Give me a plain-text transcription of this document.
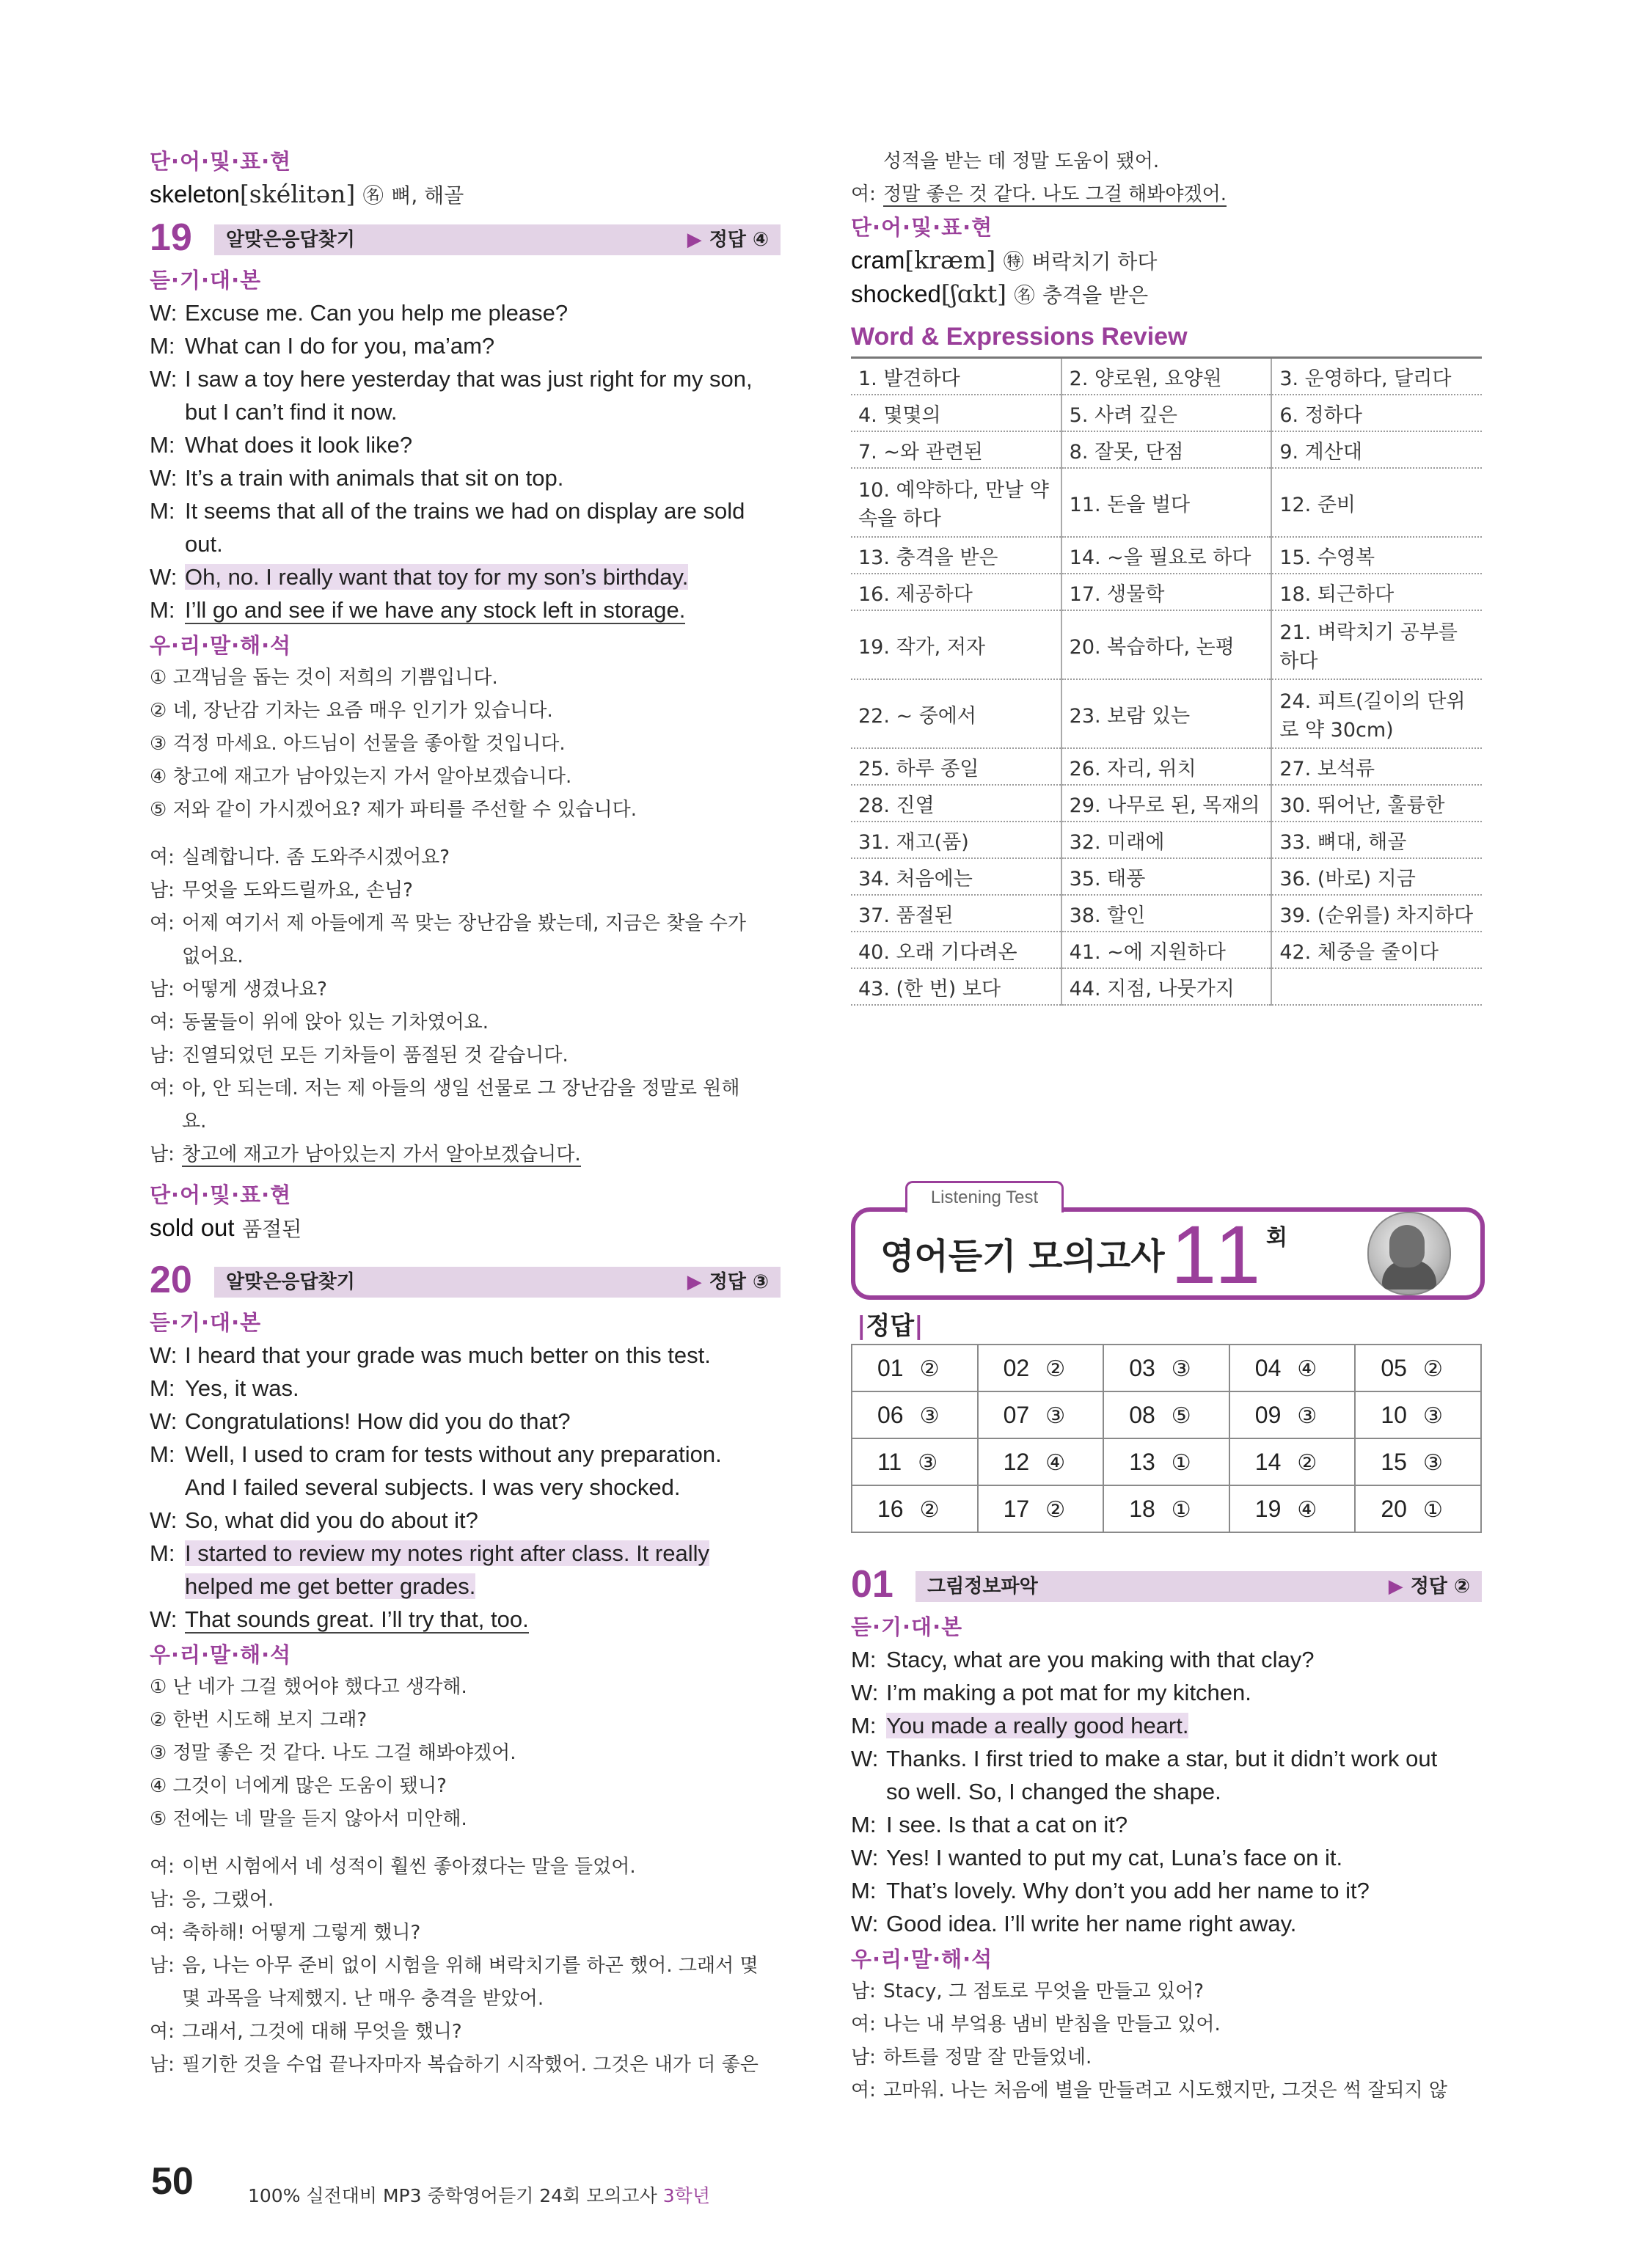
단·어·및·표·현
skeleton[skélitən] ㊔ 뼈, 해골
19 알맞은응답찾기	▶ 정답 ④
듣·기·대·본
W: Excuse me. Can you help me please?
M: What can I do for you, ma’am?
W: I saw a toy here yesterday that was just right for my son,
but I can’t find it now.
M: What does it look like?
W: It’s a train with animals that sit on top.
M: It seems that all of the trains we had on display are sold
out.
W: Oh, no. I really want that toy for my son’s birthday.
M: I’ll go and see if we have any stock left in storage.
우·리·말·해·석
① 고객님을 돕는 것이 저희의 기쁨입니다.
② 네, 장난감 기차는 요즘 매우 인기가 있습니다.
③ 걱정 마세요. 아드님이 선물을 좋아할 것입니다.
④ 창고에 재고가 남아있는지 가서 알아보겠습니다.
⑤ 저와 같이 가시겠어요? 제가 파티를 주선할 수 있습니다.
여: 실례합니다. 좀 도와주시겠어요?
남: 무엇을 도와드릴까요, 손님?
여: 어제 여기서 제 아들에게 꼭 맞는 장난감을 봤는데, 지금은 찾을 수가
없어요.
남: 어떻게 생겼나요?
여: 동물들이 위에 앉아 있는 기차였어요.
남: 진열되었던 모든 기차들이 품절된 것 같습니다.
여: 아, 안 되는데. 저는 제 아들의 생일 선물로 그 장난감을 정말로 원해
요.
남: 창고에 재고가 남아있는지 가서 알아보겠습니다.
단·어·및·표·현
sold out 품절된
20 알맞은응답찾기	▶ 정답 ③
듣·기·대·본
W: I heard that your grade was much better on this test.
M: Yes, it was.
W: Congratulations! How did you do that?
M: Well, I used to cram for tests without any preparation.
And I failed several subjects. I was very shocked.
W: So, what did you do about it?
M: I started to review my notes right after class. It really
helped me get better grades.
W: That sounds great. I’ll try that, too.
우·리·말·해·석
① 난 네가 그걸 했어야 했다고 생각해.
② 한번 시도해 보지 그래?
③ 정말 좋은 것 같다. 나도 그걸 해봐야겠어.
④ 그것이 너에게 많은 도움이 됐니?
⑤ 전에는 네 말을 듣지 않아서 미안해.
여: 이번 시험에서 네 성적이 훨씬 좋아졌다는 말을 들었어.
남: 응, 그랬어.
여: 축하해! 어떻게 그렇게 했니?
남: 음, 나는 아무 준비 없이 시험을 위해 벼락치기를 하곤 했어. 그래서 몇
몇 과목을 낙제했지. 난 매우 충격을 받았어.
여: 그래서, 그것에 대해 무엇을 했니?
남: 필기한 것을 수업 끝나자마자 복습하기 시작했어. 그것은 내가 더 좋은
성적을 받는 데 정말 도움이 됐어.
여: 정말 좋은 것 같다. 나도 그걸 해봐야겠어.
단·어·및·표·현
cram[kræm] ㊕ 벼락치기 하다
shocked[ʃɑkt] ㊔ 충격을 받은
Word & Expressions Review
1. 발견하다	2. 양로원, 요양원	3. 운영하다, 달리다
4. 몇몇의	5. 사려 깊은	6. 정하다
7. ~와 관련된	8. 잘못, 단점	9. 계산대
10. 예약하다, 만날 약속을 하다	11. 돈을 벌다	12. 준비
13. 충격을 받은	14. ~을 필요로 하다	15. 수영복
16. 제공하다	17. 생물학	18. 퇴근하다
19. 작가, 저자	20. 복습하다, 논평	21. 벼락치기 공부를 하다
22. ~ 중에서	23. 보람 있는	24. 피트(길이의 단위로 약 30cm)
25. 하루 종일	26. 자리, 위치	27. 보석류
28. 진열	29. 나무로 된, 목재의	30. 뛰어난, 훌륭한
31. 재고(품)	32. 미래에	33. 뼈대, 해골
34. 처음에는	35. 태풍	36. (바로) 지금
37. 품절된	38. 할인	39. (순위를) 차지하다
40. 오래 기다려온	41. ~에 지원하다	42. 체중을 줄이다
43. (한 번) 보다	44. 지점, 나뭇가지	
영어듣기 모의고사 11 회
Listening Test
|정답|
01 ②	02 ②	03 ③	04 ④	05 ②
06 ③	07 ③	08 ⑤	09 ③	10 ③
11 ③	12 ④	13 ①	14 ②	15 ③
16 ②	17 ②	18 ①	19 ④	20 ①
01 그림정보파악	▶ 정답 ②
듣·기·대·본
M: Stacy, what are you making with that clay?
W: I’m making a pot mat for my kitchen.
M: You made a really good heart.
W: Thanks. I first tried to make a star, but it didn’t work out
so well. So, I changed the shape.
M: I see. Is that a cat on it?
W: Yes! I wanted to put my cat, Luna’s face on it.
M: That’s lovely. Why don’t you add her name to it?
W: Good idea. I’ll write her name right away.
우·리·말·해·석
남: Stacy, 그 점토로 무엇을 만들고 있어?
여: 나는 내 부엌용 냄비 받침을 만들고 있어.
남: 하트를 정말 잘 만들었네.
여: 고마워. 나는 처음에 별을 만들려고 시도했지만, 그것은 썩 잘되지 않
50	100% 실전대비 MP3 중학영어듣기 24회 모의고사 3학년
